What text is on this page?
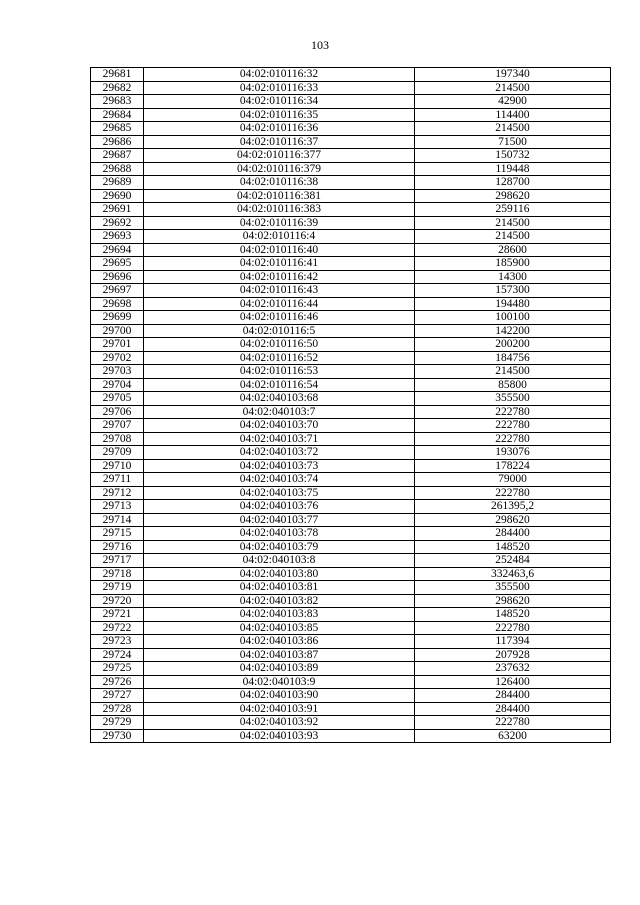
103
29681	04:02:010116:32	197340
29682	04:02:010116:33	214500
29683	04:02:010116:34	42900
29684	04:02:010116:35	114400
29685	04:02:010116:36	214500
29686	04:02:010116:37	71500
29687	04:02:010116:377	150732
29688	04:02:010116:379	119448
29689	04:02:010116:38	128700
29690	04:02:010116:381	298620
29691	04:02:010116:383	259116
29692	04:02:010116:39	214500
29693	04:02:010116:4	214500
29694	04:02:010116:40	28600
29695	04:02:010116:41	185900
29696	04:02:010116:42	14300
29697	04:02:010116:43	157300
29698	04:02:010116:44	194480
29699	04:02:010116:46	100100
29700	04:02:010116:5	142200
29701	04:02:010116:50	200200
29702	04:02:010116:52	184756
29703	04:02:010116:53	214500
29704	04:02:010116:54	85800
29705	04:02:040103:68	355500
29706	04:02:040103:7	222780
29707	04:02:040103:70	222780
29708	04:02:040103:71	222780
29709	04:02:040103:72	193076
29710	04:02:040103:73	178224
29711	04:02:040103:74	79000
29712	04:02:040103:75	222780
29713	04:02:040103:76	261395,2
29714	04:02:040103:77	298620
29715	04:02:040103:78	284400
29716	04:02:040103:79	148520
29717	04:02:040103:8	252484
29718	04:02:040103:80	332463,6
29719	04:02:040103:81	355500
29720	04:02:040103:82	298620
29721	04:02:040103:83	148520
29722	04:02:040103:85	222780
29723	04:02:040103:86	117394
29724	04:02:040103:87	207928
29725	04:02:040103:89	237632
29726	04:02:040103:9	126400
29727	04:02:040103:90	284400
29728	04:02:040103:91	284400
29729	04:02:040103:92	222780
29730	04:02:040103:93	63200
